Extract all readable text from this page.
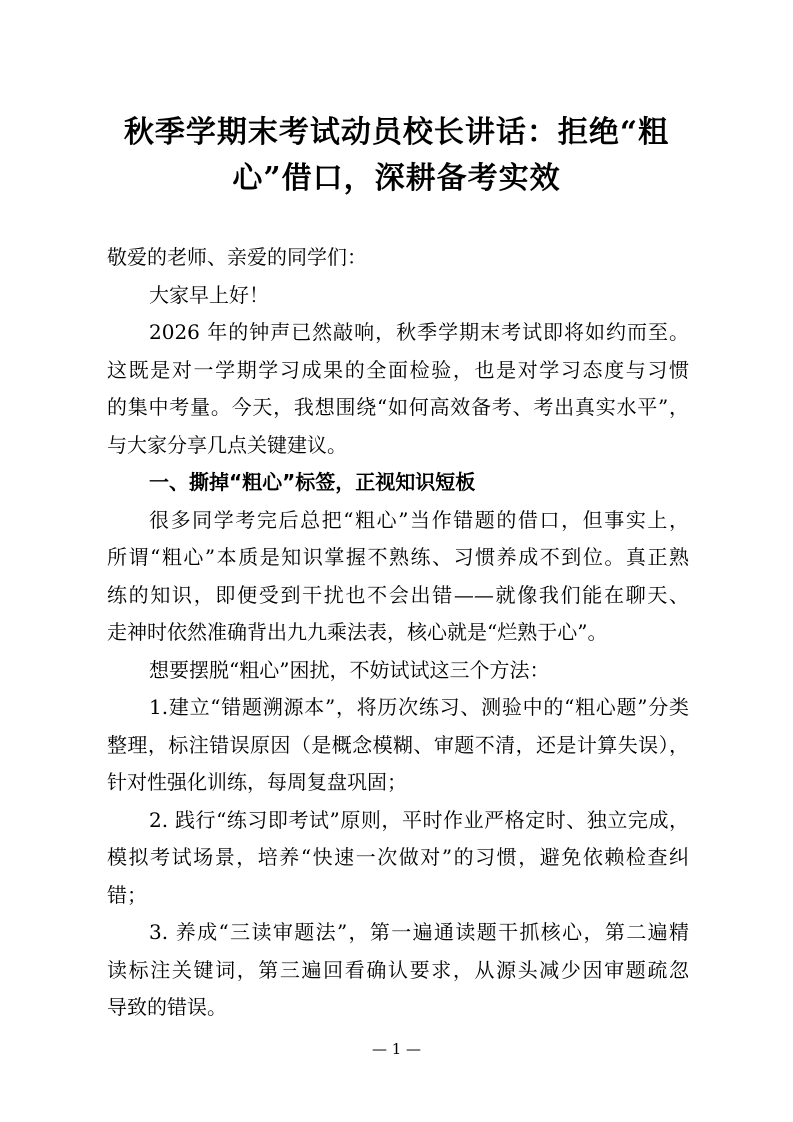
秋季学期末考试动员校长讲话：拒绝“粗
心”借口，深耕备考实效
敬爱的老师、亲爱的同学们：
大家早上好！
2026 年的钟声已然敲响，秋季学期末考试即将如约而至。
这既是对一学期学习成果的全面检验，也是对学习态度与习惯
的集中考量。今天，我想围绕“如何高效备考、考出真实水平”，
与大家分享几点关键建议。
一、撕掉“粗心”标签，正视知识短板
很多同学考完后总把“粗心”当作错题的借口，但事实上，
所谓“粗心”本质是知识掌握不熟练、习惯养成不到位。真正熟
练的知识，即便受到干扰也不会出错——就像我们能在聊天、
走神时依然准确背出九九乘法表，核心就是“烂熟于心”。
想要摆脱“粗心”困扰，不妨试试这三个方法：
1.建立“错题溯源本”，将历次练习、测验中的“粗心题”分类
整理，标注错误原因（是概念模糊、审题不清，还是计算失误），
针对性强化训练，每周复盘巩固；
2. 践行“练习即考试”原则，平时作业严格定时、独立完成，
模拟考试场景，培养“快速一次做对”的习惯，避免依赖检查纠
错；
3. 养成“三读审题法”，第一遍通读题干抓核心，第二遍精
读标注关键词，第三遍回看确认要求，从源头减少因审题疏忽
导致的错误。
— 1 —
